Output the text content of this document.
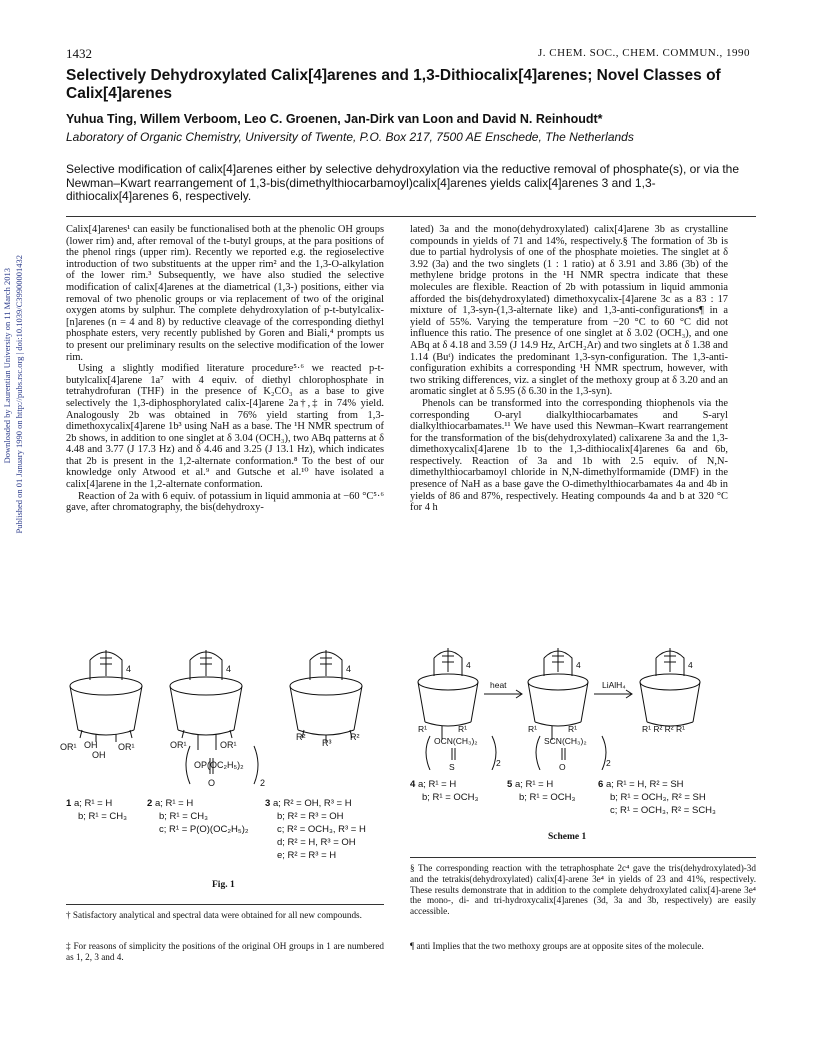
1432	J. CHEM. SOC., CHEM. COMMUN., 1990
Selectively Dehydroxylated Calix[4]arenes and 1,3-Dithiocalix[4]arenes; Novel Classes of Calix[4]arenes
Yuhua Ting, Willem Verboom, Leo C. Groenen, Jan-Dirk van Loon and David N. Reinhoudt*
Laboratory of Organic Chemistry, University of Twente, P.O. Box 217, 7500 AE Enschede, The Netherlands
Selective modification of calix[4]arenes either by selective dehydroxylation via the reductive removal of phosphate(s), or via the Newman–Kwart rearrangement of 1,3-bis(dimethylthiocarbamoyl)calix[4]arenes yields calix[4]arenes 3 and 1,3-dithiocalix[4]arenes 6, respectively.
Downloaded by Laurentian University on 11 March 2013 Published on 01 January 1990 on http://pubs.rsc.org | doi:10.1039/C39900001432

Calix[4]arenes¹ can easily be functionalised both at the phenolic OH groups (lower rim) and, after removal of the t-butyl groups, at the para positions of the phenol rings (upper rim). Recently we reported e.g. the regioselective introduction of two substituents at the upper rim² and the 1,3-O-alkylation of the lower rim.³ Subsequently, we have also studied the selective modification of calix[4]arenes at the diametrical (1,3-) positions, either via removal of two phenolic groups or via replacement of two of the original oxygen atoms by sulphur. The complete dehydroxylation of p-t-butylcalix-[n]arenes (n = 4 and 8) by reductive cleavage of the corresponding diethyl phosphate esters, very recently published by Goren and Biali,⁴ prompts us to present our preliminary results on the selective modification of the lower rim.

Using a slightly modified literature procedure⁵·⁶ we reacted p-t-butylcalix[4]arene 1a⁷ with 4 equiv. of diethyl chlorophosphate in tetrahydrofuran (THF) in the presence of K₂CO₃ as a base to give selectively the 1,3-diphosphorylated calix-[4]arene 2a†,‡ in 74% yield. Analogously 2b was obtained in 76% yield starting from 1,3-dimethoxycalix[4]arene 1b³ using NaH as a base. The ¹H NMR spectrum of 2b shows, in addition to one singlet at δ 3.04 (OCH₃), two ABq patterns at δ 4.48 and 3.77 (J 17.3 Hz) and δ 4.46 and 3.25 (J 13.1 Hz), which indicates that 2b is present in the 1,2-alternate conformation.⁸ To the best of our knowledge only Atwood et al.⁹ and Gutsche et al.¹⁰ have isolated a calix[4]arene in the 1,2-alternate conformation.

Reaction of 2a with 6 equiv. of potassium in liquid ammonia at −60 °C⁵·⁶ gave, after chromatography, the bis(dehydroxy-

lated) 3a and the mono(dehydroxylated) calix[4]arene 3b as crystalline compounds in yields of 71 and 14%, respectively.§ The formation of 3b is due to partial hydrolysis of one of the phosphate moieties. The singlet at δ 3.92 (3a) and the two singlets (1 : 1 ratio) at δ 3.91 and 3.86 (3b) of the methylene bridge protons in the ¹H NMR spectra indicate that these molecules are flexible. Reaction of 2b with potassium in liquid ammonia afforded the bis(dehydroxylated) dimethoxycalix-[4]arene 3c as a 83 : 17 mixture of 1,3-syn-(1,3-alternate like) and 1,3-anti-configurations¶ in a yield of 55%. Varying the temperature from −20 °C to 60 °C did not influence this ratio. The presence of one singlet at δ 3.02 (OCH₃), and one ABq at δ 4.18 and 3.59 (J 14.9 Hz, ArCH₂Ar) and two singlets at δ 1.38 and 1.14 (Buᵗ) indicates the predominant 1,3-syn-configuration. The 1,3-anti-configuration exhibits a corresponding ¹H NMR spectrum, however, with two striking differences, viz. a singlet of the methoxy group at δ 3.20 and an aromatic singlet at δ 5.95 (δ 6.30 in the 1,3-syn).

Phenols can be transformed into the corresponding thiophenols via the corresponding O-aryl dialkylthiocarbamates and S-aryl dialkylthiocarbamates.¹¹ We have used this Newman–Kwart rearrangement for the transformation of the bis(dehydroxylated) calixarene 3a and the 1,3-dimethoxycalix[4]arene 1b to the 1,3-dithiocalix[4]arenes 6a and 6b, respectively. Reaction of 3a and 1b with 2.5 equiv. of N,N-dimethylthiocarbamoyl chloride in N,N-dimethylformamide (DMF) in the presence of NaH as a base gave the O-dimethylthiocarbamates 4a and 4b in yields of 86 and 87%, respectively. Heating compounds 4a and b at 320 °C for 4 h

4
OR¹ OH
OH
OR¹
4
OR¹	OR¹
OP(OC₂H₅)₂
O	2
4
R²
R³
R²
1 a; R¹ = H
b; R¹ = CH₃
2 a; R¹ = H
b; R¹ = CH₃
c; R¹ = P(O)(OC₂H₅)₂
3 a; R² = OH, R³ = H
b; R² = R³ = OH
c; R² = OCH₃, R³ = H
d; R² = H, R³ = OH
e; R² = R³ = H
Fig. 1
heat	LiAlH₄
4	4	4
R¹	R¹
OCN(CH₃)₂
S	2
R¹	R¹
SCN(CH₃)₂
O	2
R¹ R² R² R¹
4 a; R¹ = H
b; R¹ = OCH₃
5 a; R¹ = H
b; R¹ = OCH₃
6 a; R¹ = H, R² = SH
b; R¹ = OCH₃, R² = SH
c; R¹ = OCH₃, R² = SCH₃
Scheme 1
† Satisfactory analytical and spectral data were obtained for all new compounds.
‡ For reasons of simplicity the positions of the original OH groups in 1 are numbered as 1, 2, 3 and 4.
§ The corresponding reaction with the tetraphosphate 2c⁴ gave the tris(dehydroxylated)-3d and the tetrakis(dehydroxylated) calix[4]-arene 3e⁴ in yields of 23 and 41%, respectively. These results demonstrate that in addition to the complete dehydroxylated calix[4]-arene 3e⁴ the mono-, di- and tri-hydroxycalix[4]arenes (3d, 3a and 3b, respectively) are easily accessible.
¶ anti Implies that the two methoxy groups are at opposite sites of the molecule.
